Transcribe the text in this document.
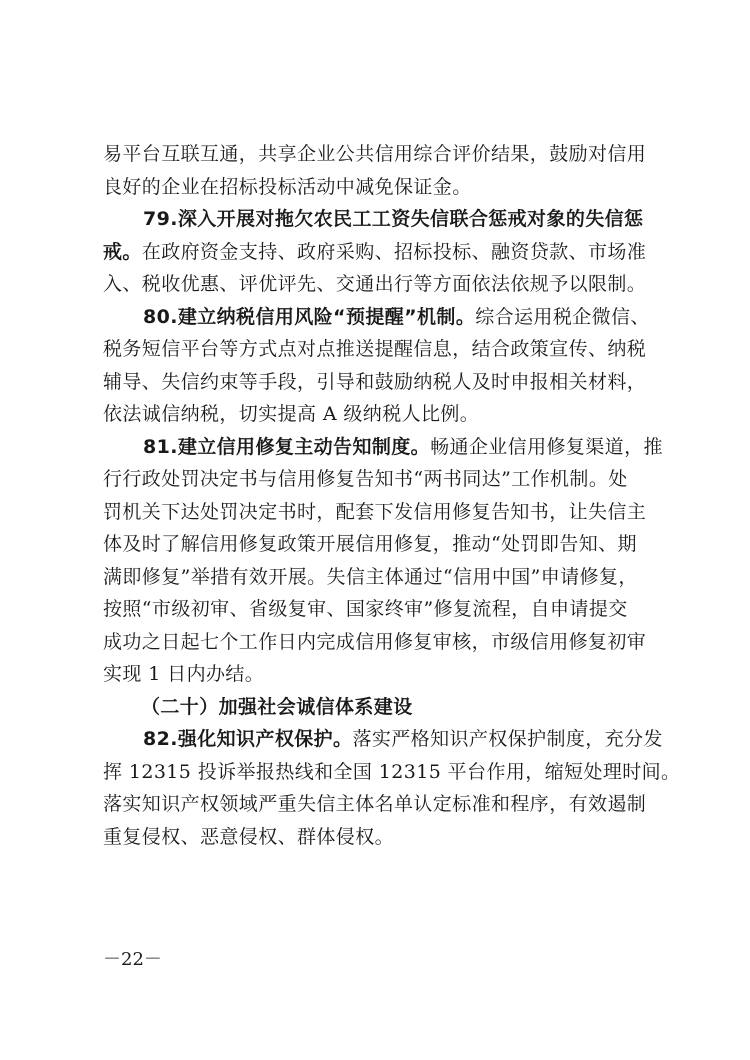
易平台互联互通，共享企业公共信用综合评价结果，鼓励对信用
良好的企业在招标投标活动中减免保证金。
79.深入开展对拖欠农民工工资失信联合惩戒对象的失信惩
戒。在政府资金支持、政府采购、招标投标、融资贷款、市场准
入、税收优惠、评优评先、交通出行等方面依法依规予以限制。
80.建立纳税信用风险“预提醒”机制。综合运用税企微信、
税务短信平台等方式点对点推送提醒信息，结合政策宣传、纳税
辅导、失信约束等手段，引导和鼓励纳税人及时申报相关材料，
依法诚信纳税，切实提高 A 级纳税人比例。
81.建立信用修复主动告知制度。畅通企业信用修复渠道，推
行行政处罚决定书与信用修复告知书“两书同达”工作机制。处
罚机关下达处罚决定书时，配套下发信用修复告知书，让失信主
体及时了解信用修复政策开展信用修复，推动“处罚即告知、期
满即修复”举措有效开展。失信主体通过“信用中国”申请修复，
按照“市级初审、省级复审、国家终审”修复流程，自申请提交
成功之日起七个工作日内完成信用修复审核，市级信用修复初审
实现 1 日内办结。
（二十）加强社会诚信体系建设
82.强化知识产权保护。落实严格知识产权保护制度，充分发
挥 12315 投诉举报热线和全国 12315 平台作用，缩短处理时间。
落实知识产权领域严重失信主体名单认定标准和程序，有效遏制
重复侵权、恶意侵权、群体侵权。
－22－
